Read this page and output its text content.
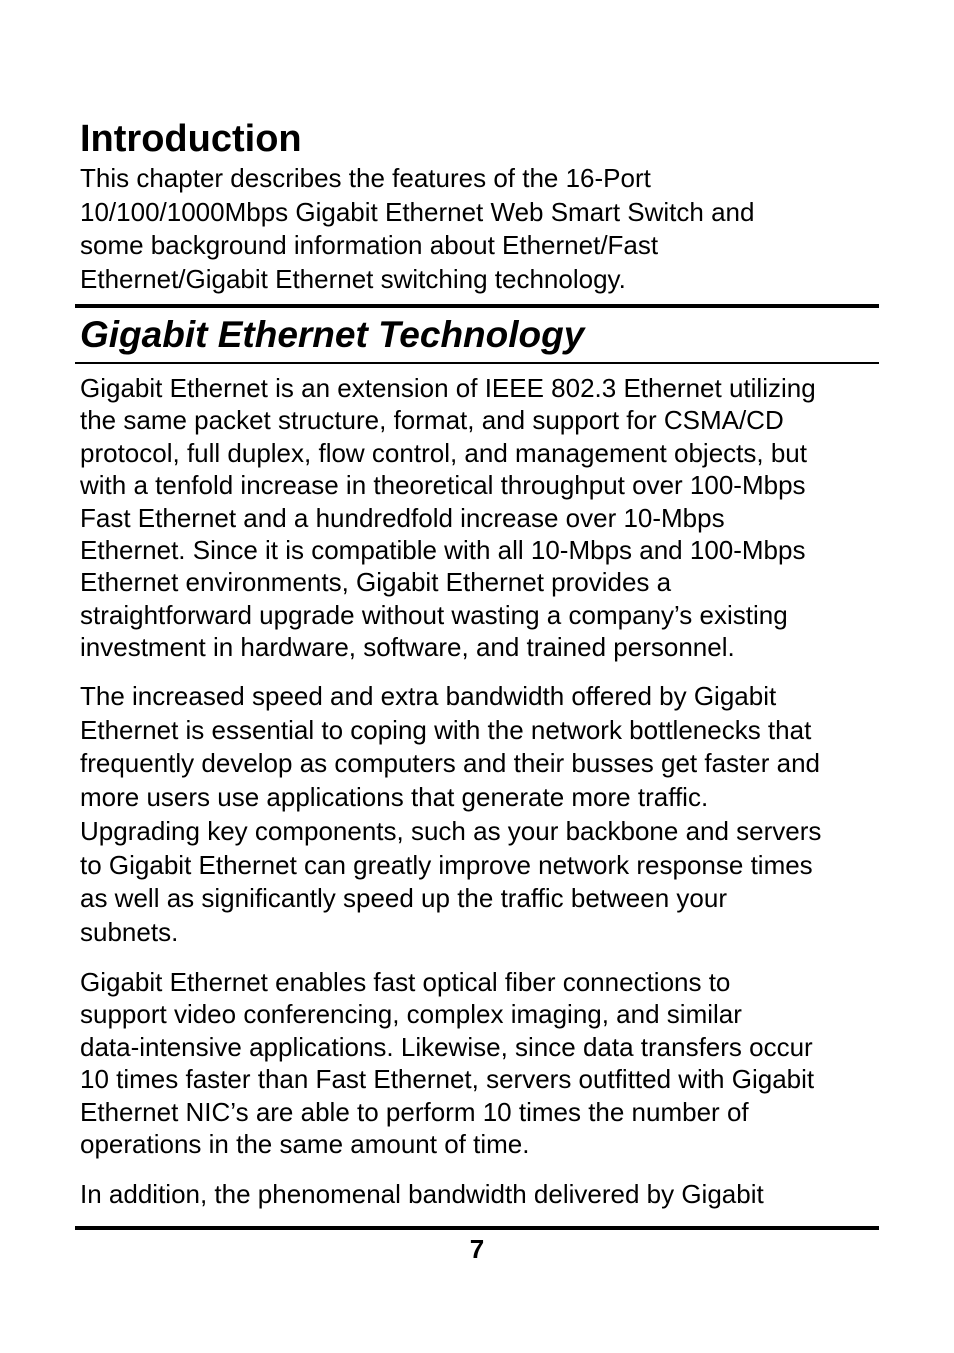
Introduction

This chapter describes the features of the 16-Port
10/100/1000Mbps Gigabit Ethernet Web Smart Switch and
some background information about Ethernet/Fast
Ethernet/Gigabit Ethernet switching technology.

Gigabit Ethernet Technology

Gigabit Ethernet is an extension of IEEE 802.3 Ethernet utilizing
the same packet structure, format, and support for CSMA/CD
protocol, full duplex, flow control, and management objects, but
with a tenfold increase in theoretical throughput over 100-Mbps
Fast Ethernet and a hundredfold increase over 10-Mbps
Ethernet. Since it is compatible with all 10-Mbps and 100-Mbps
Ethernet environments, Gigabit Ethernet provides a
straightforward upgrade without wasting a company’s existing
investment in hardware, software, and trained personnel.

The increased speed and extra bandwidth offered by Gigabit
Ethernet is essential to coping with the network bottlenecks that
frequently develop as computers and their busses get faster and
more users use applications that generate more traffic.
Upgrading key components, such as your backbone and servers
to Gigabit Ethernet can greatly improve network response times
as well as significantly speed up the traffic between your
subnets.

Gigabit Ethernet enables fast optical fiber connections to
support video conferencing, complex imaging, and similar
data-intensive applications. Likewise, since data transfers occur
10 times faster than Fast Ethernet, servers outfitted with Gigabit
Ethernet NIC’s are able to perform 10 times the number of
operations in the same amount of time.

In addition, the phenomenal bandwidth delivered by Gigabit

7
